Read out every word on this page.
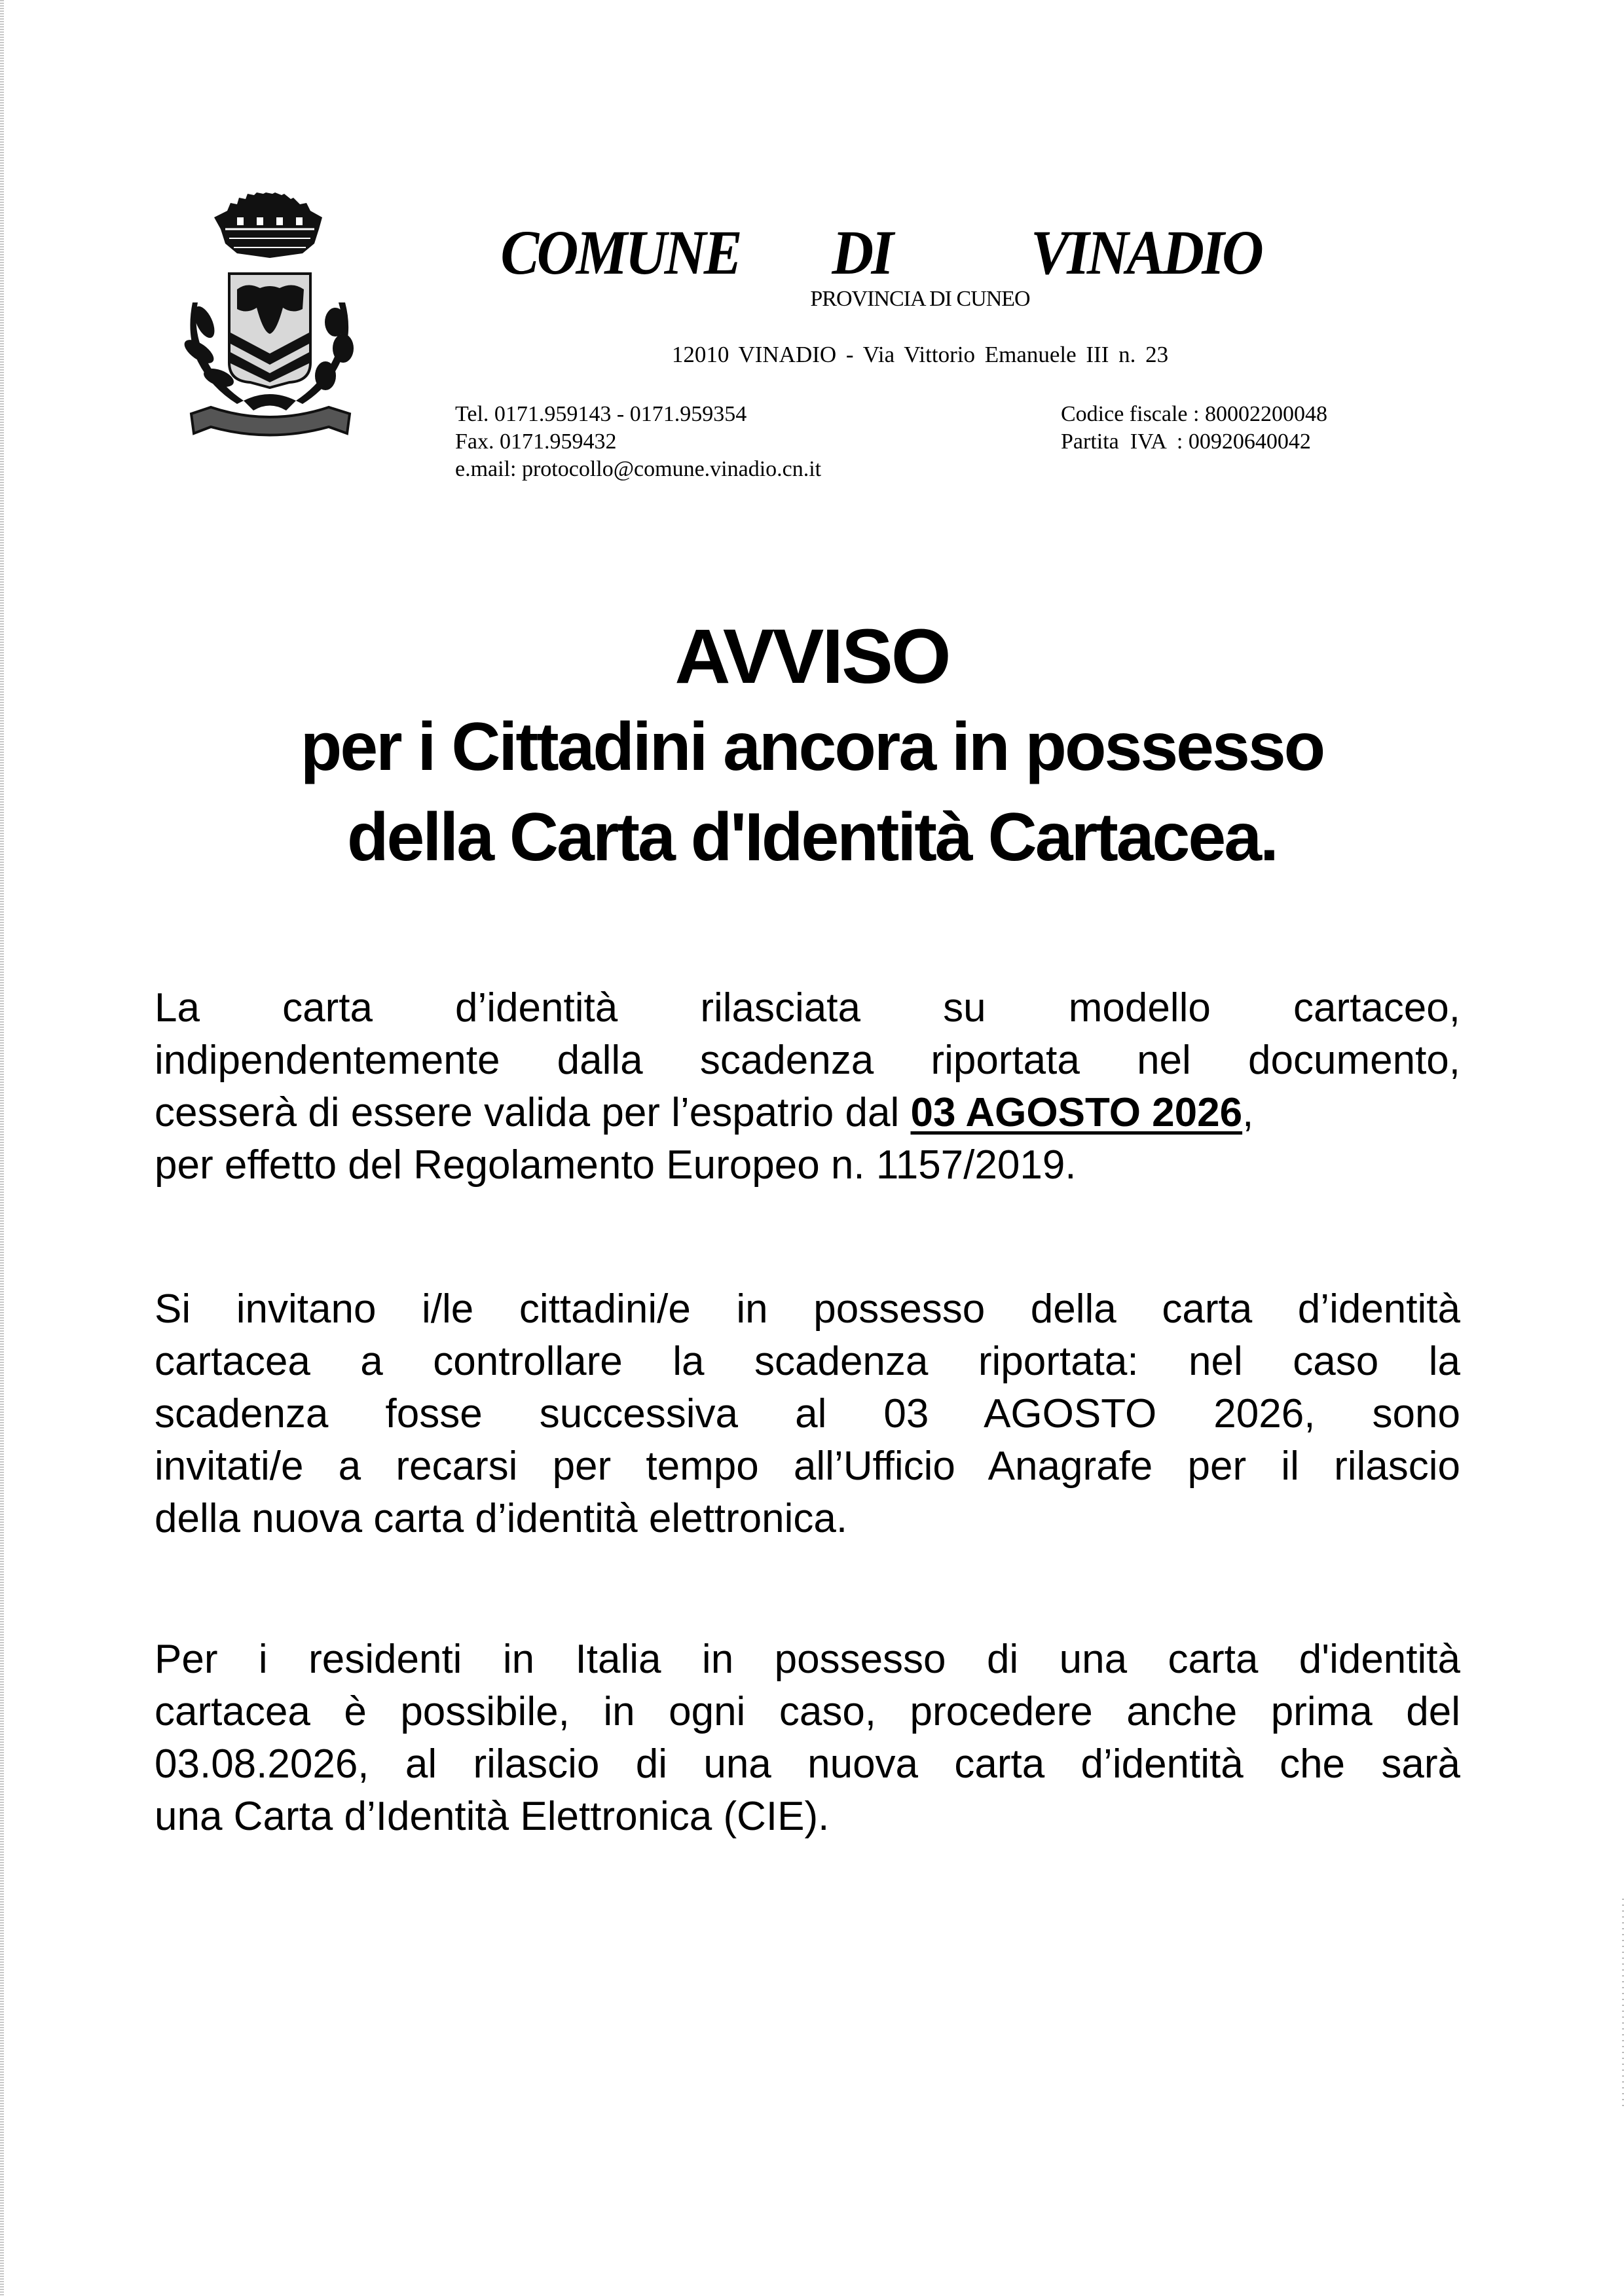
COMUNE DI VINADIO
PROVINCIA DI CUNEO
12010 VINADIO - Via Vittorio Emanuele III n. 23
Tel. 0171.959143 - 0171.959354
Fax. 0171.959432
e.mail: protocollo@comune.vinadio.cn.it
Codice fiscale : 80002200048
Partita  IVA  : 00920640042
AVVISO
per i Cittadini ancora in possesso
della Carta d'Identità Cartacea.
La carta d’identità rilasciata su modello cartaceo,
indipendentemente dalla scadenza riportata nel documento,
cesserà di essere valida per l’espatrio dal 03 AGOSTO 2026,
per effetto del Regolamento Europeo n. 1157/2019.
Si invitano i/le cittadini/e in possesso della carta d’identità
cartacea a controllare la scadenza riportata: nel caso la
scadenza fosse successiva al 03 AGOSTO 2026, sono
invitati/e a recarsi per tempo all’Ufficio Anagrafe per il rilascio
della nuova carta d’identità elettronica.
Per i residenti in Italia in possesso di una carta d'identità
cartacea è possibile, in ogni caso, procedere anche prima del
03.08.2026, al rilascio di una nuova carta d’identità che sarà
una Carta d’Identità Elettronica (CIE).
